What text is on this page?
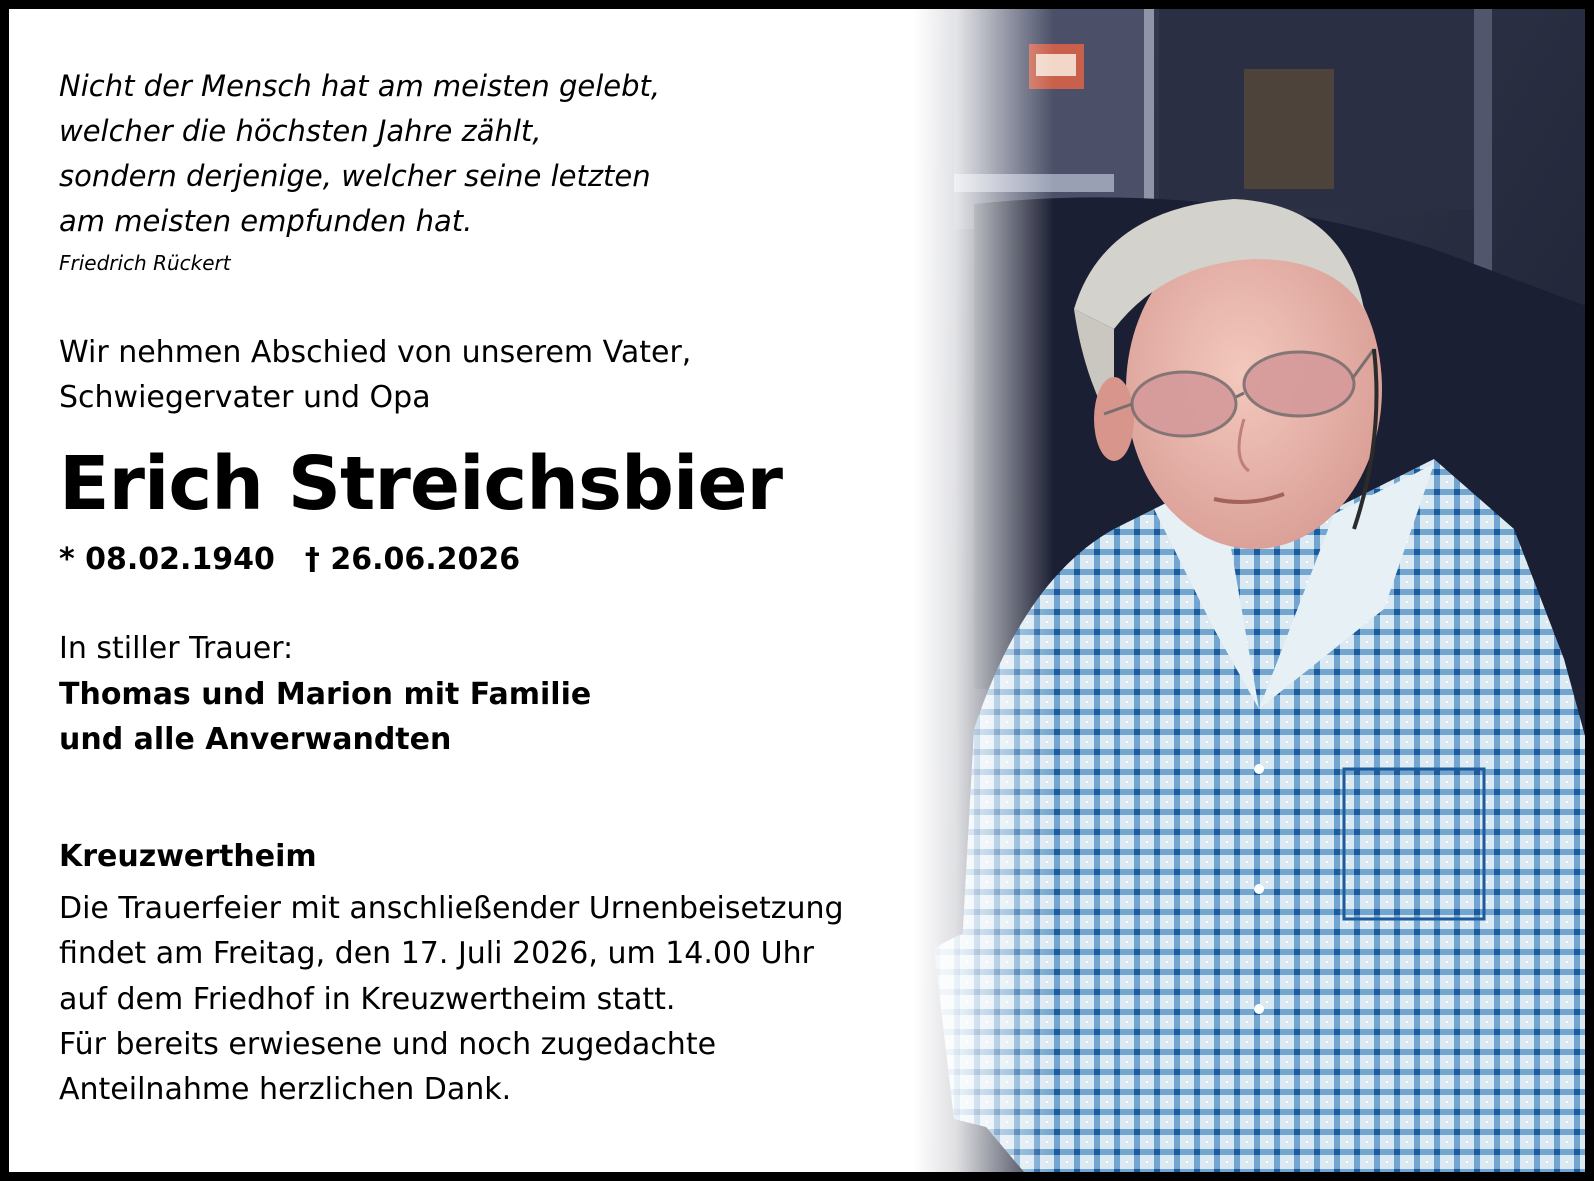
Nicht der Mensch hat am meisten gelebt,
welcher die höchsten Jahre zählt,
sondern derjenige, welcher seine letzten
am meisten empfunden hat.
Friedrich Rückert
Wir nehmen Abschied von unserem Vater,
Schwiegervater und Opa
Erich Streichsbier
* 08.02.1940 † 26.06.2026
In stiller Trauer:
Thomas und Marion mit Familie
und alle Anverwandten
Kreuzwertheim
Die Trauerfeier mit anschließender Urnenbeisetzung
findet am Freitag, den 17. Juli 2026, um 14.00 Uhr
auf dem Friedhof in Kreuzwertheim statt.
Für bereits erwiesene und noch zugedachte
Anteilnahme herzlichen Dank.
